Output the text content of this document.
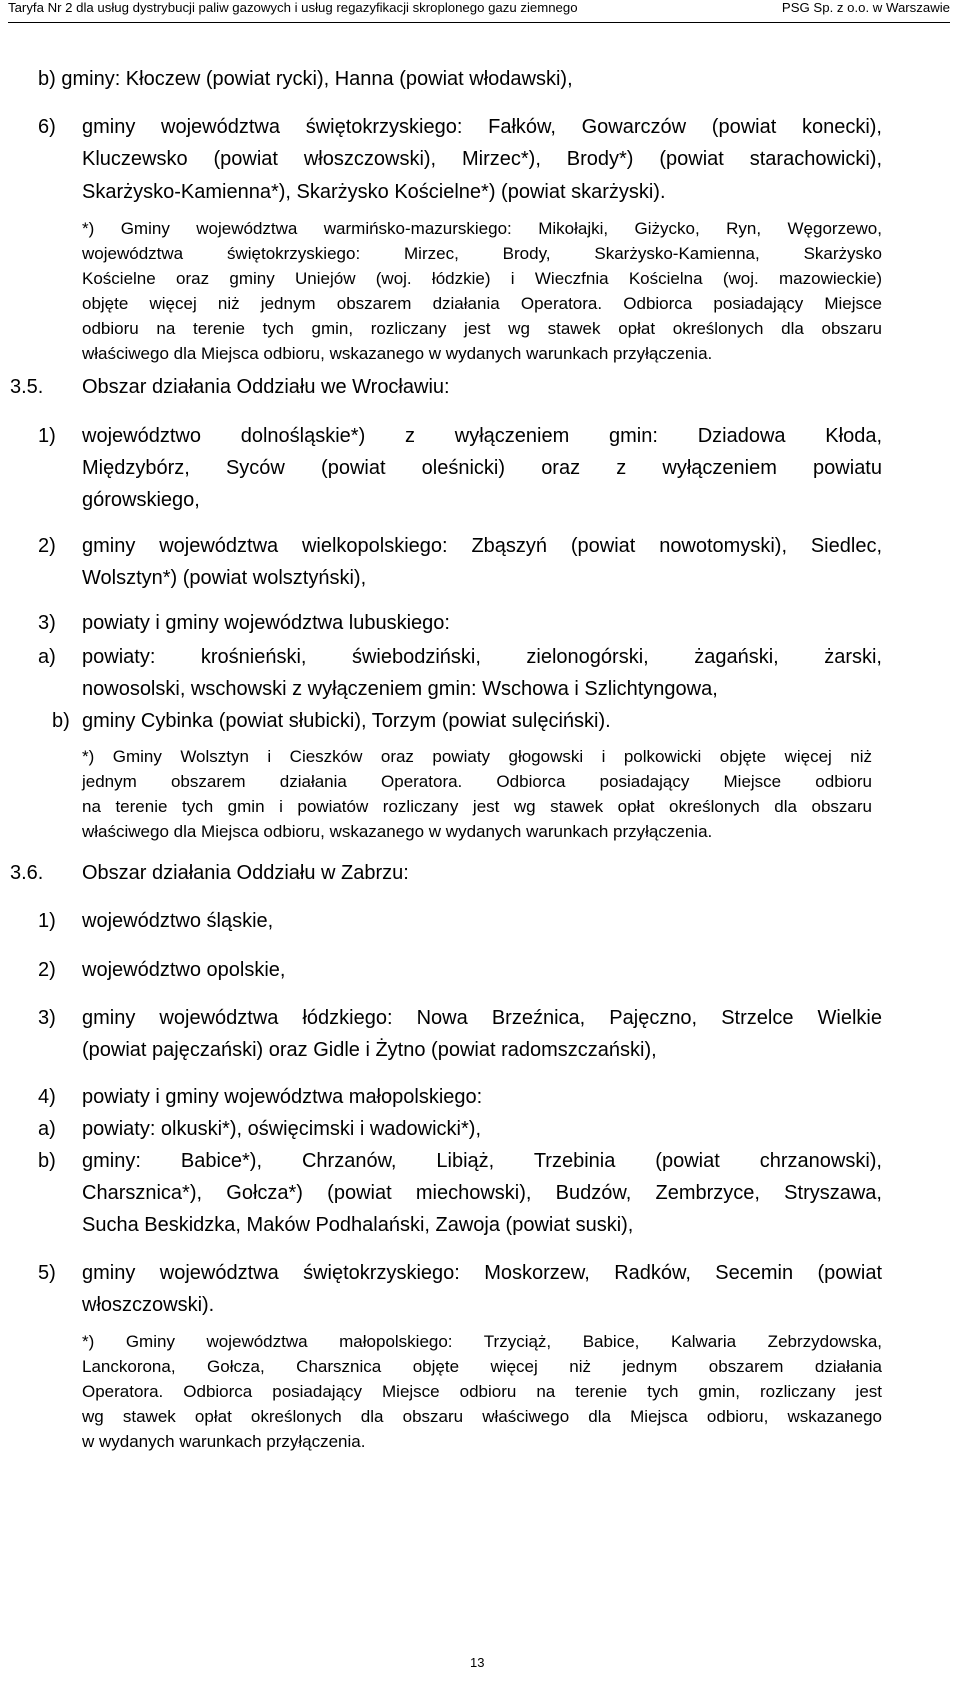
Taryfa Nr 2 dla usług dystrybucji paliw gazowych i usług regazyfikacji skroplonego gazu ziemnego	PSG Sp. z o.o. w Warszawie
b) gminy: Kłoczew (powiat rycki), Hanna (powiat włodawski),
6) gminy województwa świętokrzyskiego: Fałków, Gowarczów (powiat konecki),
Kluczewsko (powiat włoszczowski), Mirzec*), Brody*) (powiat starachowicki),
Skarżysko-Kamienna*), Skarżysko Kościelne*) (powiat skarżyski).
*) Gminy województwa warmińsko-mazurskiego: Mikołajki, Giżycko, Ryn, Węgorzewo,
województwa świętokrzyskiego: Mirzec, Brody, Skarżysko-Kamienna, Skarżysko
Kościelne oraz gminy Uniejów (woj. łódzkie) i Wieczfnia Kościelna (woj. mazowieckie)
objęte więcej niż jednym obszarem działania Operatora. Odbiorca posiadający Miejsce
odbioru na terenie tych gmin, rozliczany jest wg stawek opłat określonych dla obszaru
właściwego dla Miejsca odbioru, wskazanego w wydanych warunkach przyłączenia.
3.5. Obszar działania Oddziału we Wrocławiu:
1) województwo dolnośląskie*) z wyłączeniem gmin: Dziadowa Kłoda,
Międzybórz, Syców (powiat oleśnicki) oraz z wyłączeniem powiatu
górowskiego,
2) gminy województwa wielkopolskiego: Zbąszyń (powiat nowotomyski), Siedlec,
Wolsztyn*) (powiat wolsztyński),
3) powiaty i gminy województwa lubuskiego:
a) powiaty: krośnieński, świebodziński, zielonogórski, żagański, żarski,
nowosolski, wschowski z wyłączeniem gmin: Wschowa i Szlichtyngowa,
b) gminy Cybinka (powiat słubicki), Torzym (powiat sulęciński).
*) Gminy Wolsztyn i Cieszków oraz powiaty głogowski i polkowicki objęte więcej niż
jednym obszarem działania Operatora. Odbiorca posiadający Miejsce odbioru
na terenie tych gmin i powiatów rozliczany jest wg stawek opłat określonych dla obszaru
właściwego dla Miejsca odbioru, wskazanego w wydanych warunkach przyłączenia.
3.6. Obszar działania Oddziału w Zabrzu:
1) województwo śląskie,
2) województwo opolskie,
3) gminy województwa łódzkiego: Nowa Brzeźnica, Pajęczno, Strzelce Wielkie
(powiat pajęczański) oraz Gidle i Żytno (powiat radomszczański),
4) powiaty i gminy województwa małopolskiego:
a) powiaty: olkuski*), oświęcimski i wadowicki*),
b) gminy: Babice*), Chrzanów, Libiąż, Trzebinia (powiat chrzanowski),
Charsznica*), Gołcza*) (powiat miechowski), Budzów, Zembrzyce, Stryszawa,
Sucha Beskidzka, Maków Podhalański, Zawoja (powiat suski),
5) gminy województwa świętokrzyskiego: Moskorzew, Radków, Secemin (powiat
włoszczowski).
*) Gminy województwa małopolskiego: Trzyciąż, Babice, Kalwaria Zebrzydowska,
Lanckorona, Gołcza, Charsznica objęte więcej niż jednym obszarem działania
Operatora. Odbiorca posiadający Miejsce odbioru na terenie tych gmin, rozliczany jest
wg stawek opłat określonych dla obszaru właściwego dla Miejsca odbioru, wskazanego
w wydanych warunkach przyłączenia.
13
